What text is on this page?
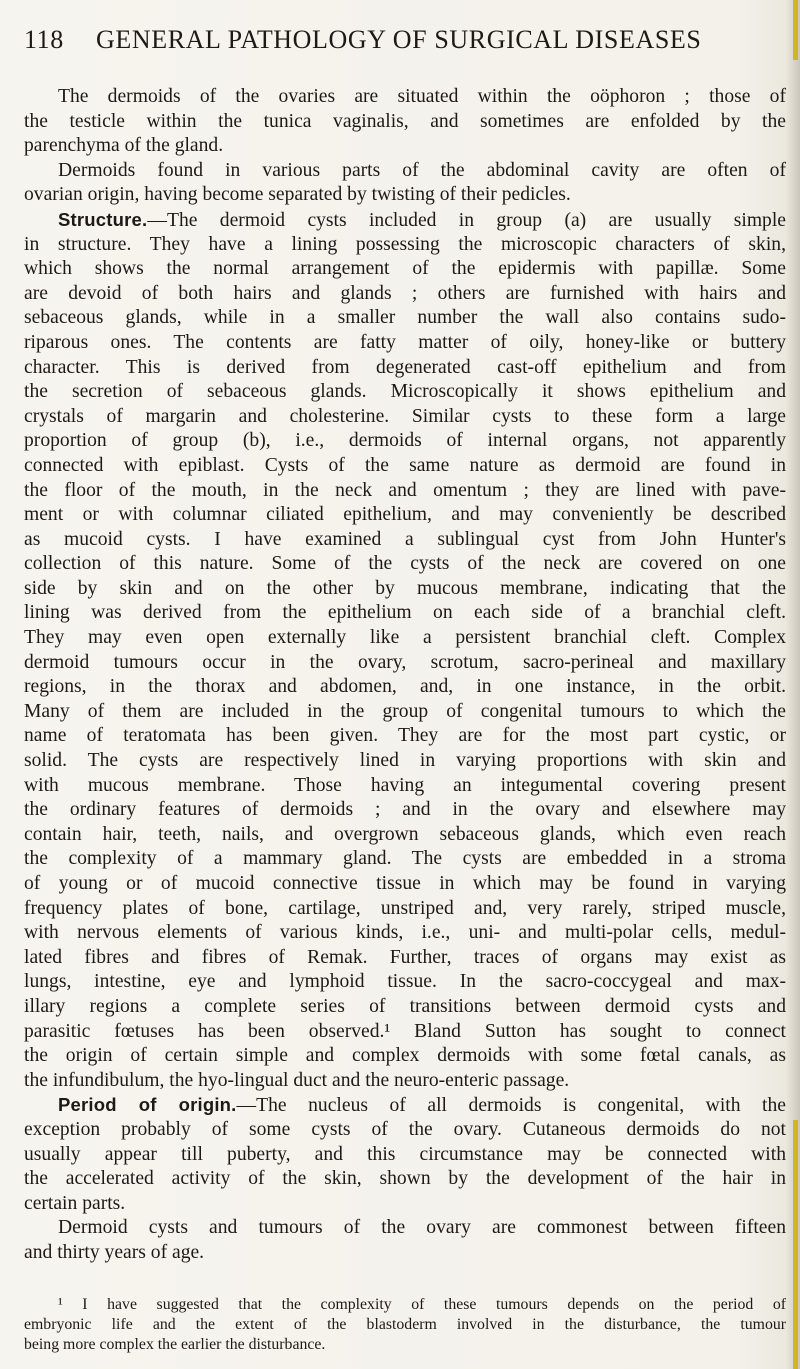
118 GENERAL PATHOLOGY OF SURGICAL DISEASES
The dermoids of the ovaries are situated within the oöphoron ; those of
the testicle within the tunica vaginalis, and sometimes are enfolded by the
parenchyma of the gland.
Dermoids found in various parts of the abdominal cavity are often of
ovarian origin, having become separated by twisting of their pedicles.
Structure.—The dermoid cysts included in group (a) are usually simple
in structure. They have a lining possessing the microscopic characters of skin,
which shows the normal arrangement of the epidermis with papillæ. Some
are devoid of both hairs and glands ; others are furnished with hairs and
sebaceous glands, while in a smaller number the wall also contains sudo-
riparous ones. The contents are fatty matter of oily, honey-like or buttery
character. This is derived from degenerated cast-off epithelium and from
the secretion of sebaceous glands. Microscopically it shows epithelium and
crystals of margarin and cholesterine. Similar cysts to these form a large
proportion of group (b), i.e., dermoids of internal organs, not apparently
connected with epiblast. Cysts of the same nature as dermoid are found in
the floor of the mouth, in the neck and omentum ; they are lined with pave-
ment or with columnar ciliated epithelium, and may conveniently be described
as mucoid cysts. I have examined a sublingual cyst from John Hunter's
collection of this nature. Some of the cysts of the neck are covered on one
side by skin and on the other by mucous membrane, indicating that the
lining was derived from the epithelium on each side of a branchial cleft.
They may even open externally like a persistent branchial cleft. Complex
dermoid tumours occur in the ovary, scrotum, sacro-perineal and maxillary
regions, in the thorax and abdomen, and, in one instance, in the orbit.
Many of them are included in the group of congenital tumours to which the
name of teratomata has been given. They are for the most part cystic, or
solid. The cysts are respectively lined in varying proportions with skin and
with mucous membrane. Those having an integumental covering present
the ordinary features of dermoids ; and in the ovary and elsewhere may
contain hair, teeth, nails, and overgrown sebaceous glands, which even reach
the complexity of a mammary gland. The cysts are embedded in a stroma
of young or of mucoid connective tissue in which may be found in varying
frequency plates of bone, cartilage, unstriped and, very rarely, striped muscle,
with nervous elements of various kinds, i.e., uni- and multi-polar cells, medul-
lated fibres and fibres of Remak. Further, traces of organs may exist as
lungs, intestine, eye and lymphoid tissue. In the sacro-coccygeal and max-
illary regions a complete series of transitions between dermoid cysts and
parasitic fœtuses has been observed.¹ Bland Sutton has sought to connect
the origin of certain simple and complex dermoids with some fœtal canals, as
the infundibulum, the hyo-lingual duct and the neuro-enteric passage.
Period of origin.—The nucleus of all dermoids is congenital, with the
exception probably of some cysts of the ovary. Cutaneous dermoids do not
usually appear till puberty, and this circumstance may be connected with
the accelerated activity of the skin, shown by the development of the hair in
certain parts.
Dermoid cysts and tumours of the ovary are commonest between fifteen
and thirty years of age.
¹ I have suggested that the complexity of these tumours depends on the period of
embryonic life and the extent of the blastoderm involved in the disturbance, the tumour
being more complex the earlier the disturbance.
